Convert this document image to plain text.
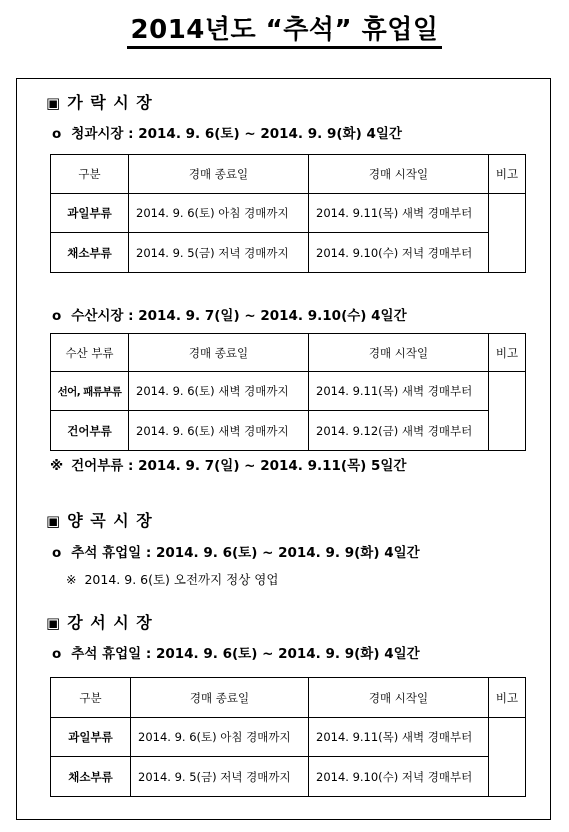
2014년도 “추석” 휴업일
▣ 가 락 시 장
o 청과시장 : 2014. 9. 6(토) ~ 2014. 9. 9(화) 4일간
구분	경매 종료일	경매 시작일	비고
과일부류	2014. 9. 6(토) 아침 경매까지	2014. 9.11(목) 새벽 경매부터	
채소부류	2014. 9. 5(금) 저녁 경매까지	2014. 9.10(수) 저녁 경매부터	
o 수산시장 : 2014. 9. 7(일) ~ 2014. 9.10(수) 4일간
수산 부류	경매 종료일	경매 시작일	비고
선어, 패류부류	2014. 9. 6(토) 새벽 경매까지	2014. 9.11(목) 새벽 경매부터	
건어부류	2014. 9. 6(토) 새벽 경매까지	2014. 9.12(금) 새벽 경매부터	
※ 건어부류 : 2014. 9. 7(일) ~ 2014. 9.11(목) 5일간
▣ 양 곡 시 장
o 추석 휴업일 : 2014. 9. 6(토) ~ 2014. 9. 9(화) 4일간
※ 2014. 9. 6(토) 오전까지 정상 영업
▣ 강 서 시 장
o 추석 휴업일 : 2014. 9. 6(토) ~ 2014. 9. 9(화) 4일간
구분	경매 종료일	경매 시작일	비고
과일부류	2014. 9. 6(토) 아침 경매까지	2014. 9.11(목) 새벽 경매부터	
채소부류	2014. 9. 5(금) 저녁 경매까지	2014. 9.10(수) 저녁 경매부터	
